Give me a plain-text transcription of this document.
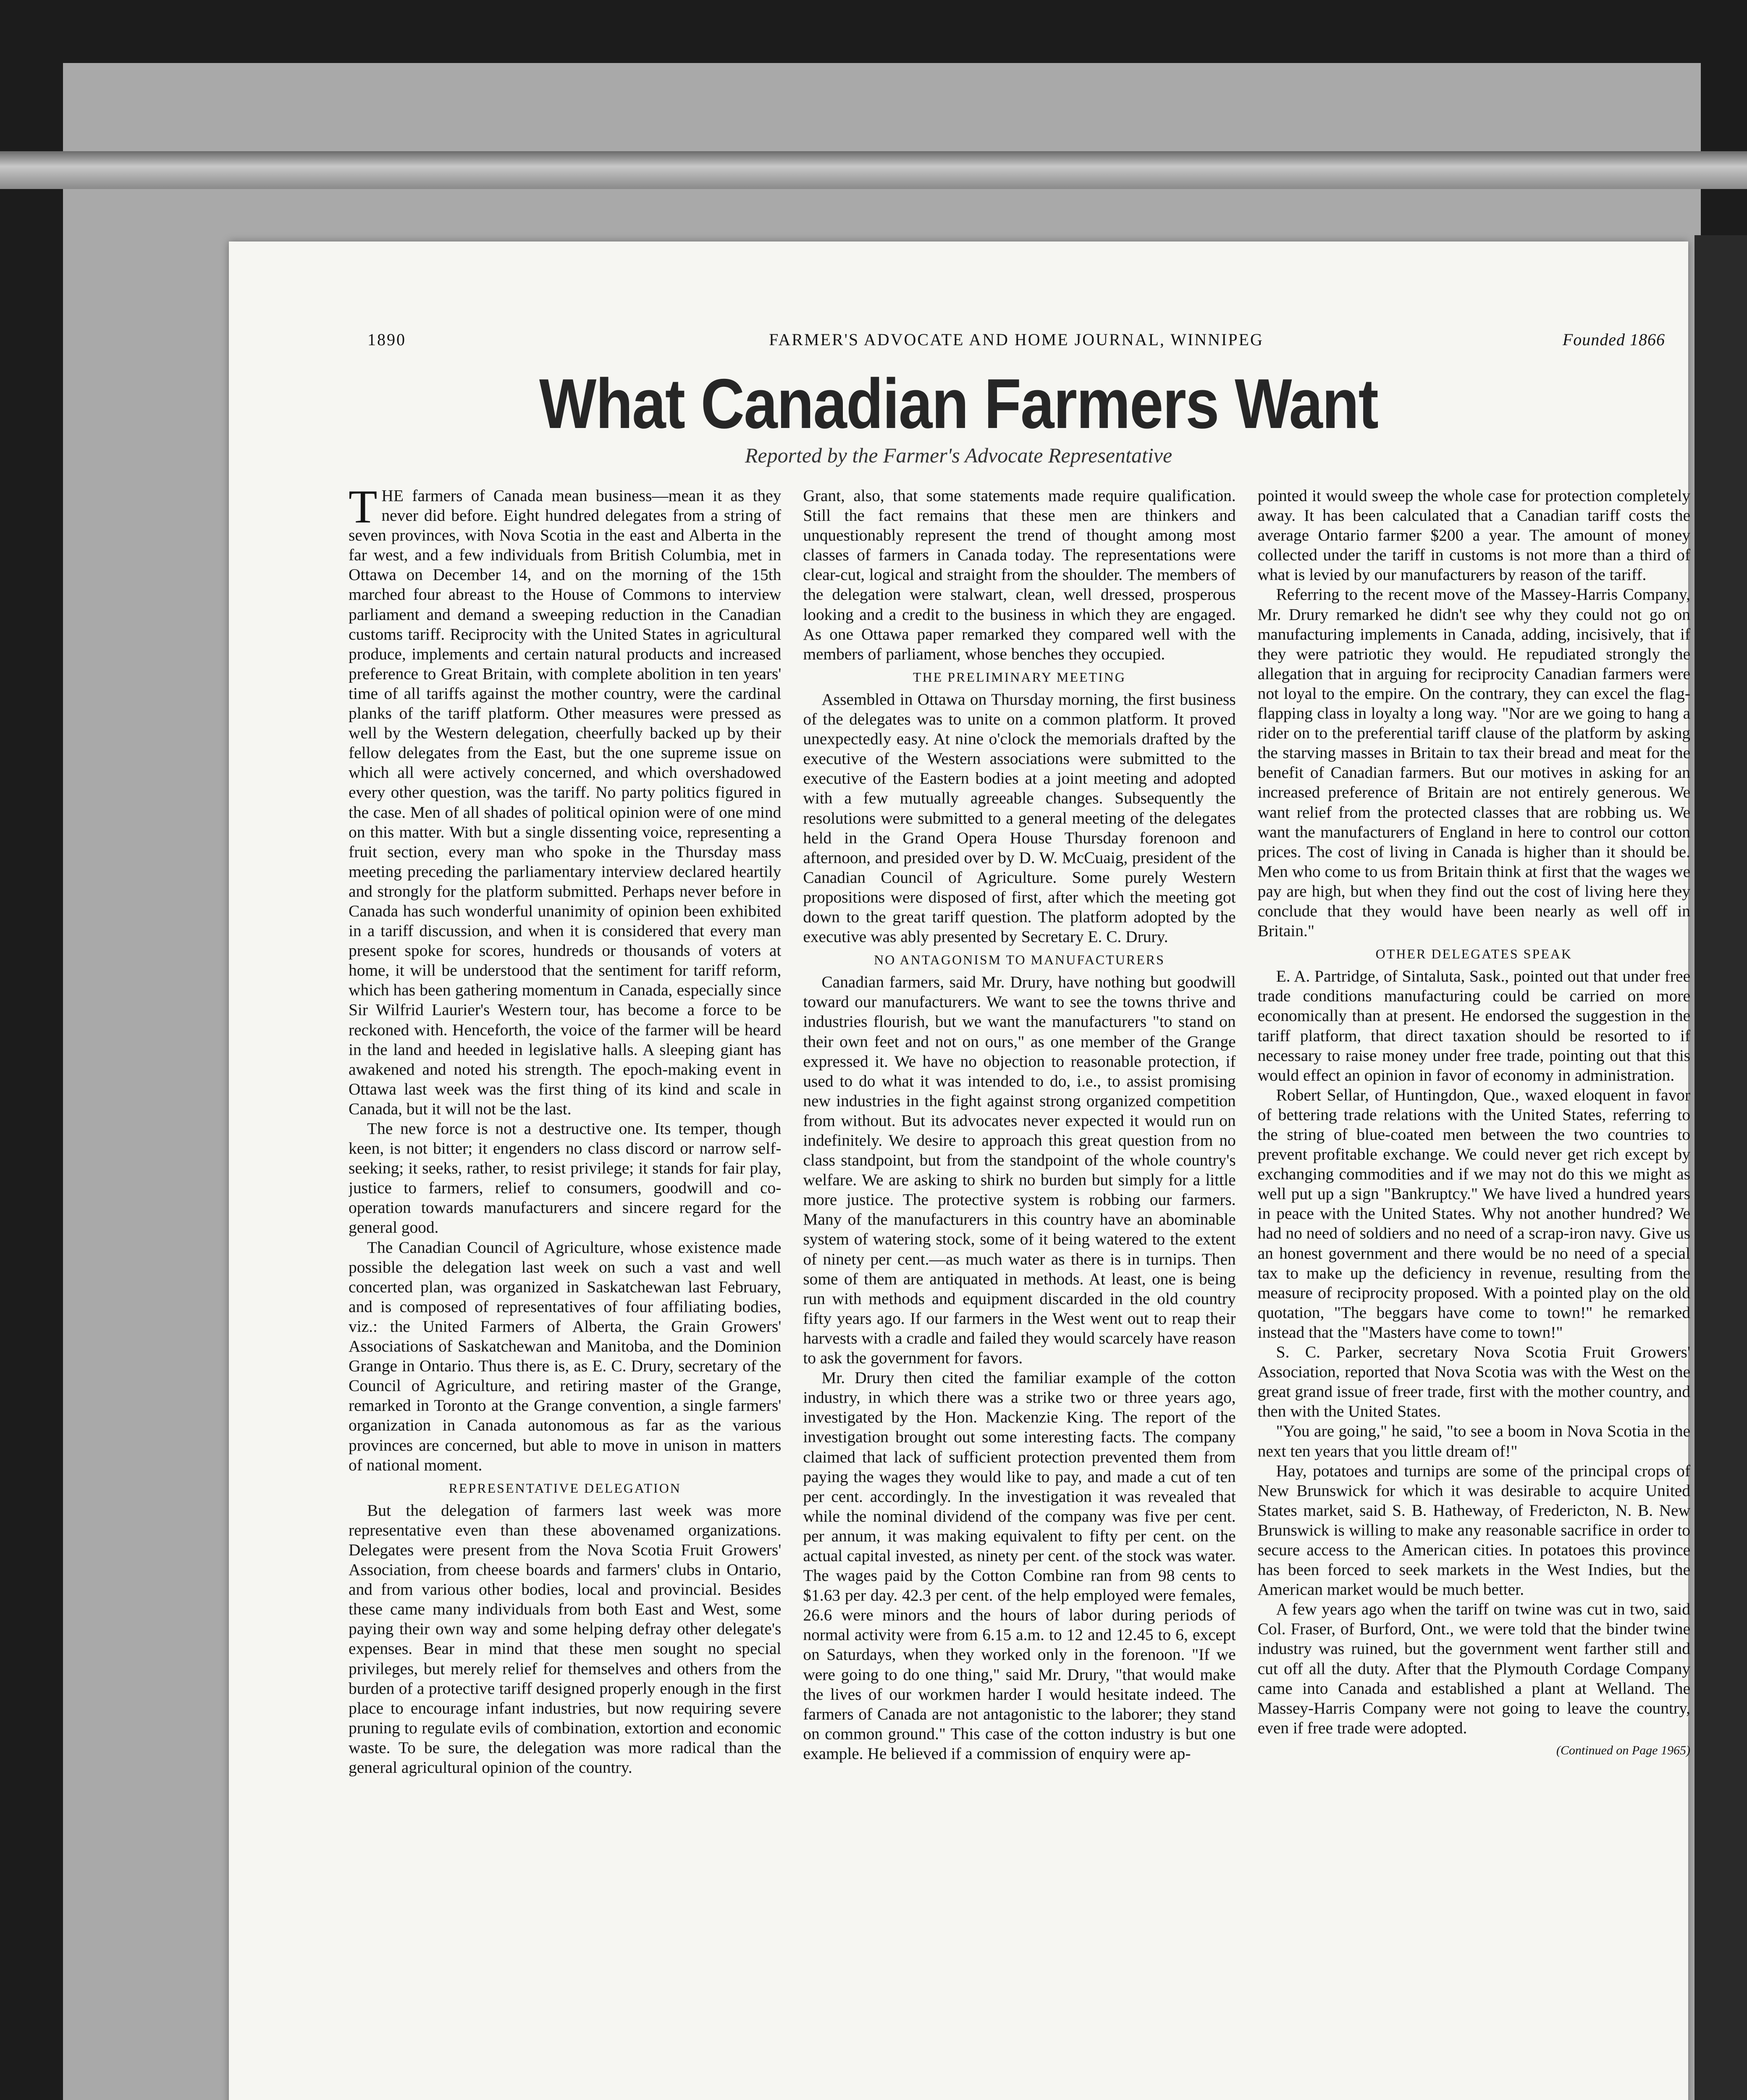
1890	FARMER'S ADVOCATE AND HOME JOURNAL, WINNIPEG	Founded 1866
What Canadian Farmers Want
Reported by the Farmer's Advocate Representative

THE farmers of Canada mean business—mean it as they never did before. Eight hundred delegates from a string of seven provinces, with Nova Scotia in the east and Alberta in the far west, and a few individuals from British Columbia, met in Ottawa on December 14, and on the morning of the 15th marched four abreast to the House of Commons to interview parliament and demand a sweeping reduction in the Canadian customs tariff. Reciprocity with the United States in agricultural produce, implements and certain natural products and increased preference to Great Britain, with complete abolition in ten years' time of all tariffs against the mother country, were the cardinal planks of the tariff platform. Other measures were pressed as well by the Western delegation, cheerfully backed up by their fellow delegates from the East, but the one supreme issue on which all were actively concerned, and which overshadowed every other question, was the tariff. No party politics figured in the case. Men of all shades of political opinion were of one mind on this matter. With but a single dissenting voice, representing a fruit section, every man who spoke in the Thursday mass meeting preceding the parliamentary interview declared heartily and strongly for the platform submitted. Perhaps never before in Canada has such wonderful unanimity of opinion been exhibited in a tariff discussion, and when it is considered that every man present spoke for scores, hundreds or thousands of voters at home, it will be understood that the sentiment for tariff reform, which has been gathering momentum in Canada, especially since Sir Wilfrid Laurier's Western tour, has become a force to be reckoned with. Henceforth, the voice of the farmer will be heard in the land and heeded in legislative halls. A sleeping giant has awakened and noted his strength. The epoch-making event in Ottawa last week was the first thing of its kind and scale in Canada, but it will not be the last.

The new force is not a destructive one. Its temper, though keen, is not bitter; it engenders no class discord or narrow self-seeking; it seeks, rather, to resist privilege; it stands for fair play, justice to farmers, relief to consumers, goodwill and co-operation towards manufacturers and sincere regard for the general good.

The Canadian Council of Agriculture, whose existence made possible the delegation last week on such a vast and well concerted plan, was organized in Saskatchewan last February, and is composed of representatives of four affiliating bodies, viz.: the United Farmers of Alberta, the Grain Growers' Associations of Saskatchewan and Manitoba, and the Dominion Grange in Ontario. Thus there is, as E. C. Drury, secretary of the Council of Agriculture, and retiring master of the Grange, remarked in Toronto at the Grange convention, a single farmers' organization in Canada autonomous as far as the various provinces are concerned, but able to move in unison in matters of national moment.

REPRESENTATIVE DELEGATION

But the delegation of farmers last week was more representative even than these abovenamed organizations. Delegates were present from the Nova Scotia Fruit Growers' Association, from cheese boards and farmers' clubs in Ontario, and from various other bodies, local and provincial. Besides these came many individuals from both East and West, some paying their own way and some helping defray other delegate's expenses. Bear in mind that these men sought no special privileges, but merely relief for themselves and others from the burden of a protective tariff designed properly enough in the first place to encourage infant industries, but now requiring severe pruning to regulate evils of combination, extortion and economic waste. To be sure, the delegation was more radical than the general agricultural opinion of the country.

Grant, also, that some statements made require qualification. Still the fact remains that these men are thinkers and unquestionably represent the trend of thought among most classes of farmers in Canada today. The representations were clear-cut, logical and straight from the shoulder. The members of the delegation were stalwart, clean, well dressed, prosperous looking and a credit to the business in which they are engaged. As one Ottawa paper remarked they compared well with the members of parliament, whose benches they occupied.

THE PRELIMINARY MEETING

Assembled in Ottawa on Thursday morning, the first business of the delegates was to unite on a common platform. It proved unexpectedly easy. At nine o'clock the memorials drafted by the executive of the Western associations were submitted to the executive of the Eastern bodies at a joint meeting and adopted with a few mutually agreeable changes. Subsequently the resolutions were submitted to a general meeting of the delegates held in the Grand Opera House Thursday forenoon and afternoon, and presided over by D. W. McCuaig, president of the Canadian Council of Agriculture. Some purely Western propositions were disposed of first, after which the meeting got down to the great tariff question. The platform adopted by the executive was ably presented by Secretary E. C. Drury.

NO ANTAGONISM TO MANUFACTURERS

Canadian farmers, said Mr. Drury, have nothing but goodwill toward our manufacturers. We want to see the towns thrive and industries flourish, but we want the manufacturers "to stand on their own feet and not on ours," as one member of the Grange expressed it. We have no objection to reasonable protection, if used to do what it was intended to do, i.e., to assist promising new industries in the fight against strong organized competition from without. But its advocates never expected it would run on indefinitely. We desire to approach this great question from no class standpoint, but from the standpoint of the whole country's welfare. We are asking to shirk no burden but simply for a little more justice. The protective system is robbing our farmers. Many of the manufacturers in this country have an abominable system of watering stock, some of it being watered to the extent of ninety per cent.—as much water as there is in turnips. Then some of them are antiquated in methods. At least, one is being run with methods and equipment discarded in the old country fifty years ago. If our farmers in the West went out to reap their harvests with a cradle and failed they would scarcely have reason to ask the government for favors.

Mr. Drury then cited the familiar example of the cotton industry, in which there was a strike two or three years ago, investigated by the Hon. Mackenzie King. The report of the investigation brought out some interesting facts. The company claimed that lack of sufficient protection prevented them from paying the wages they would like to pay, and made a cut of ten per cent. accordingly. In the investigation it was revealed that while the nominal dividend of the company was five per cent. per annum, it was making equivalent to fifty per cent. on the actual capital invested, as ninety per cent. of the stock was water. The wages paid by the Cotton Combine ran from 98 cents to $1.63 per day. 42.3 per cent. of the help employed were females, 26.6 were minors and the hours of labor during periods of normal activity were from 6.15 a.m. to 12 and 12.45 to 6, except on Saturdays, when they worked only in the forenoon. "If we were going to do one thing," said Mr. Drury, "that would make the lives of our workmen harder I would hesitate indeed. The farmers of Canada are not antagonistic to the laborer; they stand on common ground." This case of the cotton industry is but one example. He believed if a commission of enquiry were ap-

pointed it would sweep the whole case for protection completely away. It has been calculated that a Canadian tariff costs the average Ontario farmer $200 a year. The amount of money collected under the tariff in customs is not more than a third of what is levied by our manufacturers by reason of the tariff.

Referring to the recent move of the Massey-Harris Company, Mr. Drury remarked he didn't see why they could not go on manufacturing implements in Canada, adding, incisively, that if they were patriotic they would. He repudiated strongly the allegation that in arguing for reciprocity Canadian farmers were not loyal to the empire. On the contrary, they can excel the flag-flapping class in loyalty a long way. "Nor are we going to hang a rider on to the preferential tariff clause of the platform by asking the starving masses in Britain to tax their bread and meat for the benefit of Canadian farmers. But our motives in asking for an increased preference of Britain are not entirely generous. We want relief from the protected classes that are robbing us. We want the manufacturers of England in here to control our cotton prices. The cost of living in Canada is higher than it should be. Men who come to us from Britain think at first that the wages we pay are high, but when they find out the cost of living here they conclude that they would have been nearly as well off in Britain."

OTHER DELEGATES SPEAK

E. A. Partridge, of Sintaluta, Sask., pointed out that under free trade conditions manufacturing could be carried on more economically than at present. He endorsed the suggestion in the tariff platform, that direct taxation should be resorted to if necessary to raise money under free trade, pointing out that this would effect an opinion in favor of economy in administration.

Robert Sellar, of Huntingdon, Que., waxed eloquent in favor of bettering trade relations with the United States, referring to the string of blue-coated men between the two countries to prevent profitable exchange. We could never get rich except by exchanging commodities and if we may not do this we might as well put up a sign "Bankruptcy." We have lived a hundred years in peace with the United States. Why not another hundred? We had no need of soldiers and no need of a scrap-iron navy. Give us an honest government and there would be no need of a special tax to make up the deficiency in revenue, resulting from the measure of reciprocity proposed. With a pointed play on the old quotation, "The beggars have come to town!" he remarked instead that the "Masters have come to town!"

S. C. Parker, secretary Nova Scotia Fruit Growers' Association, reported that Nova Scotia was with the West on the great grand issue of freer trade, first with the mother country, and then with the United States.

"You are going," he said, "to see a boom in Nova Scotia in the next ten years that you little dream of!"

Hay, potatoes and turnips are some of the principal crops of New Brunswick for which it was desirable to acquire United States market, said S. B. Hatheway, of Fredericton, N. B. New Brunswick is willing to make any reasonable sacrifice in order to secure access to the American cities. In potatoes this province has been forced to seek markets in the West Indies, but the American market would be much better.

A few years ago when the tariff on twine was cut in two, said Col. Fraser, of Burford, Ont., we were told that the binder twine industry was ruined, but the government went farther still and cut off all the duty. After that the Plymouth Cordage Company came into Canada and established a plant at Welland. The Massey-Harris Company were not going to leave the country, even if free trade were adopted.

(Continued on Page 1965)
